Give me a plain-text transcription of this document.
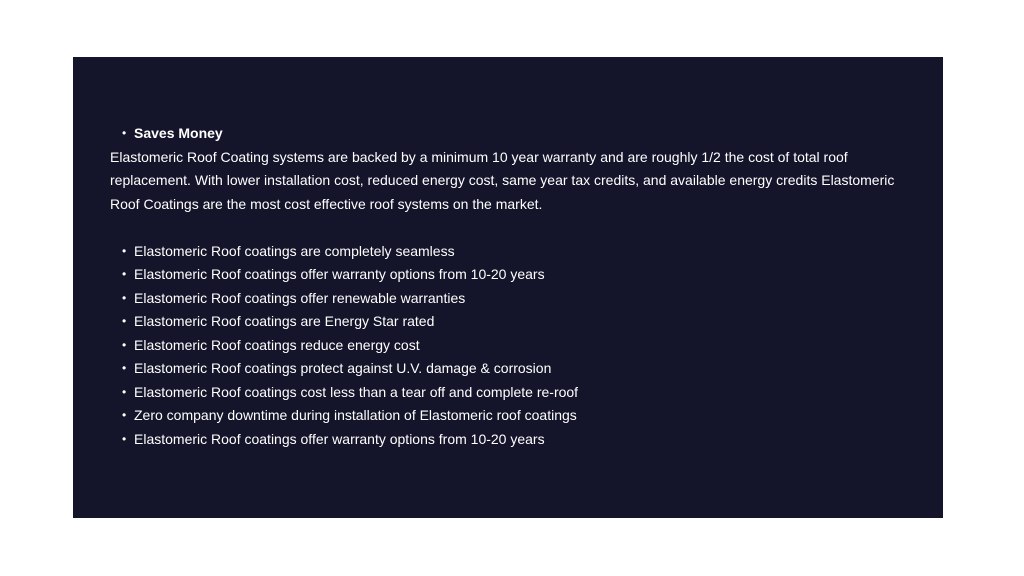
• Saves Money

Elastomeric Roof Coating systems are backed by a minimum 10 year warranty and are roughly 1/2 the cost of total roof replacement. With lower installation cost, reduced energy cost, same year tax credits, and available energy credits Elastomeric Roof Coatings are the most cost effective roof systems on the market.

• Elastomeric Roof coatings are completely seamless
• Elastomeric Roof coatings offer warranty options from 10-20 years
• Elastomeric Roof coatings offer renewable warranties
• Elastomeric Roof coatings are Energy Star rated
• Elastomeric Roof coatings reduce energy cost
• Elastomeric Roof coatings protect against U.V. damage & corrosion
• Elastomeric Roof coatings cost less than a tear off and complete re-roof
• Zero company downtime during installation of Elastomeric roof coatings
• Elastomeric Roof coatings offer warranty options from 10-20 years
